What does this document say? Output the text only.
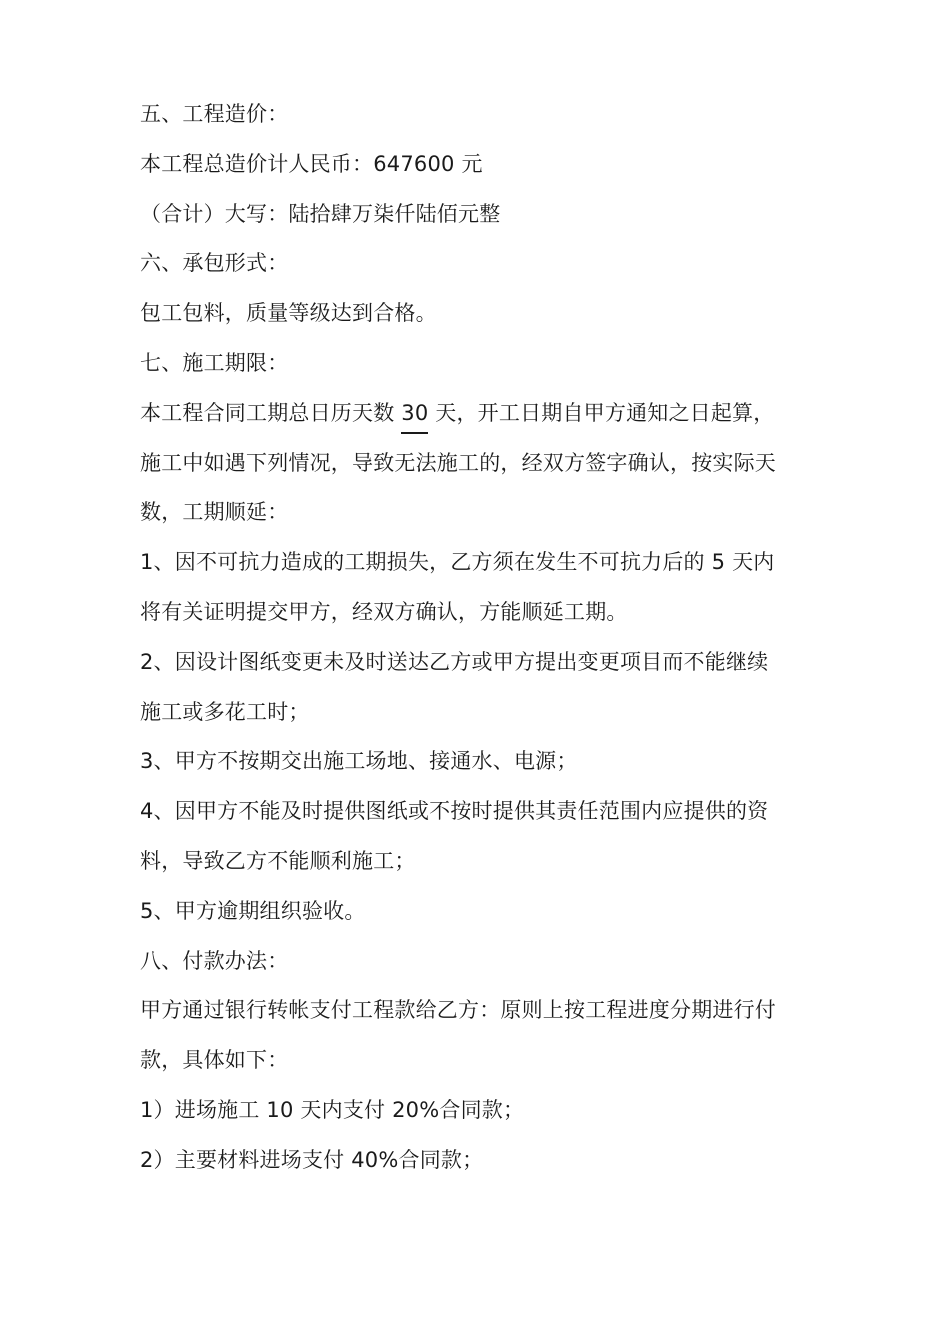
五、工程造价：
本工程总造价计人民币：647600 元
（合计）大写：陆拾肆万柒仟陆佰元整
六、承包形式：
包工包料，质量等级达到合格。
七、施工期限：
本工程合同工期总日历天数 30 天，开工日期自甲方通知之日起算，
施工中如遇下列情况，导致无法施工的，经双方签字确认，按实际天
数，工期顺延：
1、因不可抗力造成的工期损失，乙方须在发生不可抗力后的 5 天内
将有关证明提交甲方，经双方确认，方能顺延工期。
2、因设计图纸变更未及时送达乙方或甲方提出变更项目而不能继续
施工或多花工时；
3、甲方不按期交出施工场地、接通水、电源；
4、因甲方不能及时提供图纸或不按时提供其责任范围内应提供的资
料，导致乙方不能顺利施工；
5、甲方逾期组织验收。
八、付款办法：
甲方通过银行转帐支付工程款给乙方：原则上按工程进度分期进行付
款，具体如下：
1）进场施工 10 天内支付 20%合同款；
2）主要材料进场支付 40%合同款；
